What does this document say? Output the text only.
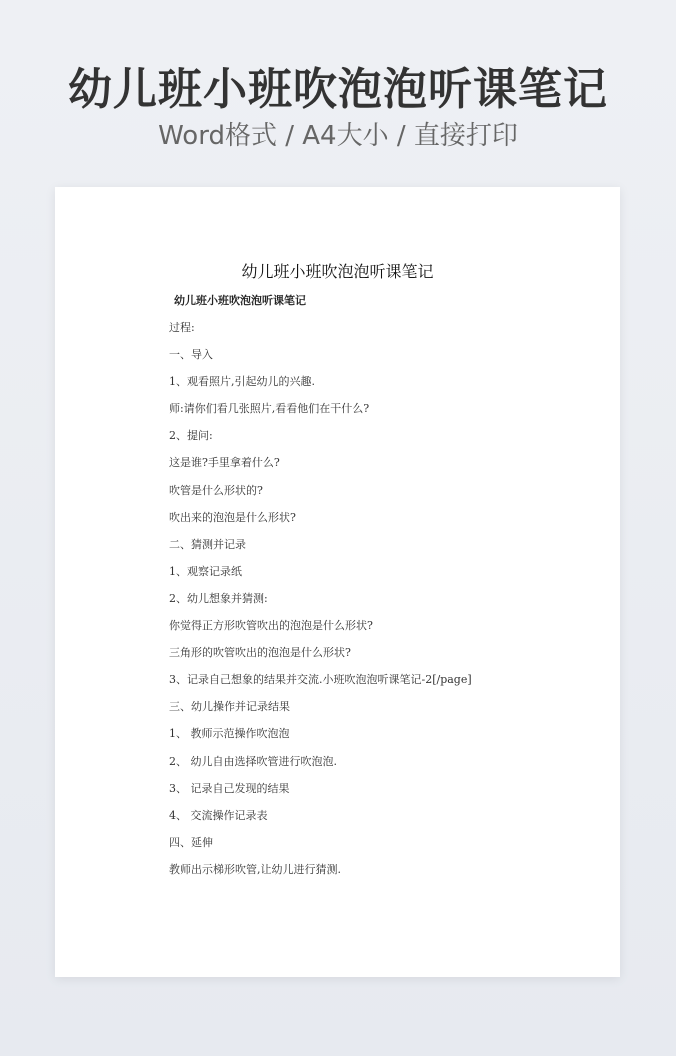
幼儿班小班吹泡泡听课笔记
Word格式 / A4大小 / 直接打印
幼儿班小班吹泡泡听课笔记
幼儿班小班吹泡泡听课笔记
过程:
一、导入
1、观看照片,引起幼儿的兴趣.
师:请你们看几张照片,看看他们在干什么?
2、提问:
这是谁?手里拿着什么?
吹管是什么形状的?
吹出来的泡泡是什么形状?
二、猜测并记录
1、观察记录纸
2、幼儿想象并猜测:
你觉得正方形吹管吹出的泡泡是什么形状?
三角形的吹管吹出的泡泡是什么形状?
3、记录自己想象的结果并交流.小班吹泡泡听课笔记-2[/page]
三、幼儿操作并记录结果
1、 教师示范操作吹泡泡
2、 幼儿自由选择吹管进行吹泡泡.
3、 记录自己发现的结果
4、 交流操作记录表
四、延伸
教师出示梯形吹管,让幼儿进行猜测.
